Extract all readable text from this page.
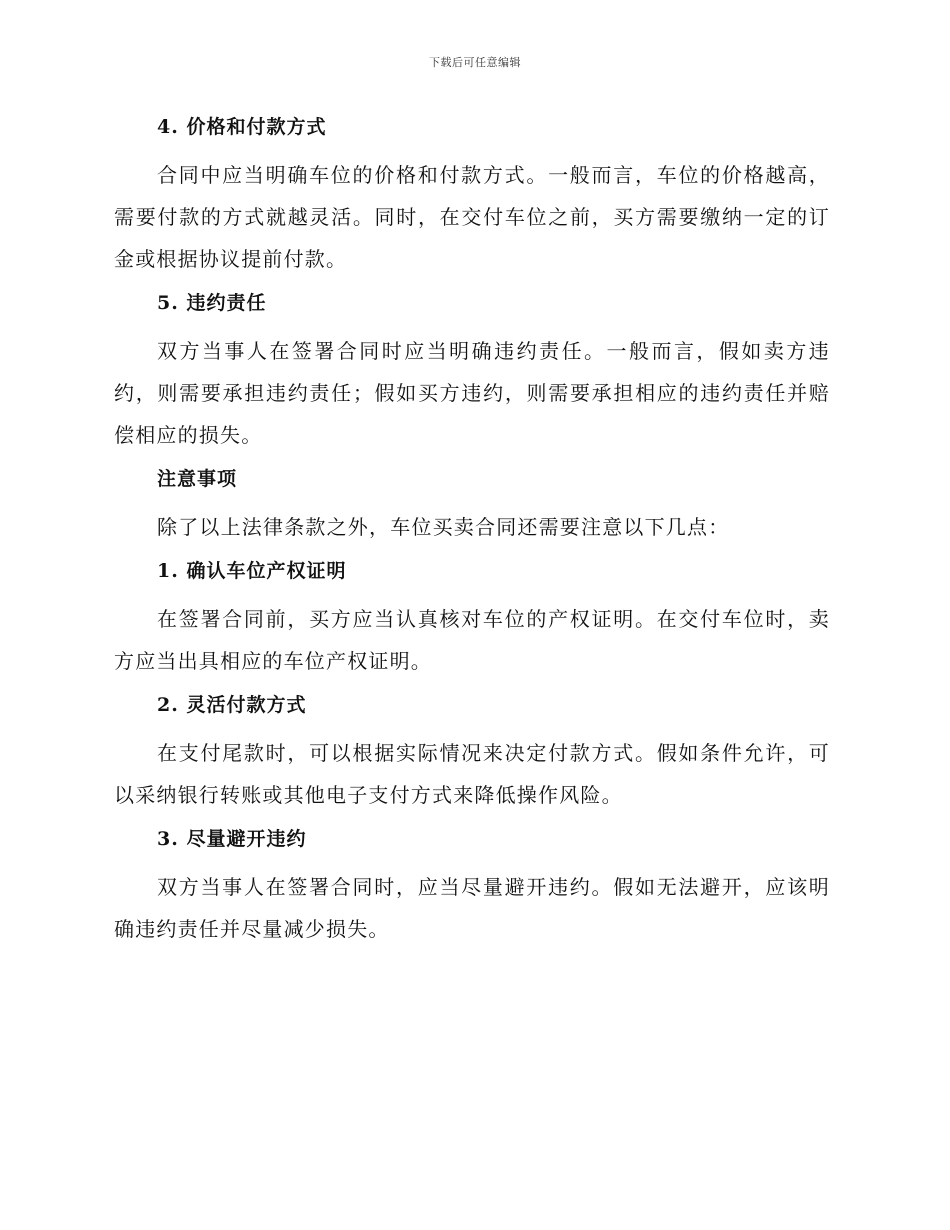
下载后可任意编辑

4. 价格和付款方式

合同中应当明确车位的价格和付款方式。一般而言，车位的价格越高，需要付款的方式就越灵活。同时，在交付车位之前，买方需要缴纳一定的订金或根据协议提前付款。

5. 违约责任

双方当事人在签署合同时应当明确违约责任。一般而言，假如卖方违约，则需要承担违约责任；假如买方违约，则需要承担相应的违约责任并赔偿相应的损失。

注意事项

除了以上法律条款之外，车位买卖合同还需要注意以下几点：

1. 确认车位产权证明

在签署合同前，买方应当认真核对车位的产权证明。在交付车位时，卖方应当出具相应的车位产权证明。

2. 灵活付款方式

在支付尾款时，可以根据实际情况来决定付款方式。假如条件允许，可以采纳银行转账或其他电子支付方式来降低操作风险。

3. 尽量避开违约

双方当事人在签署合同时，应当尽量避开违约。假如无法避开，应该明确违约责任并尽量减少损失。
